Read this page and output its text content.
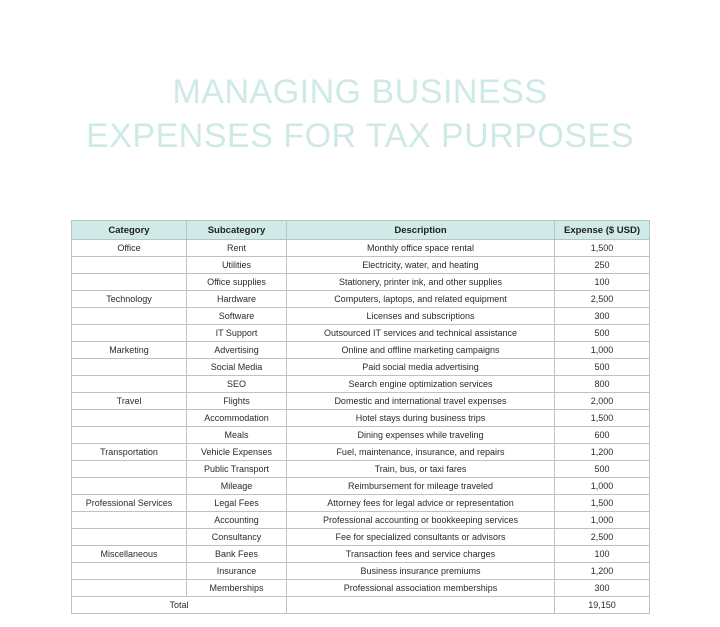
MANAGING BUSINESS
EXPENSES FOR TAX PURPOSES
Category	Subcategory	Description	Expense ($ USD)
Office	Rent	Monthly office space rental	1,500
	Utilities	Electricity, water, and heating	250
	Office supplies	Stationery, printer ink, and other supplies	100
Technology	Hardware	Computers, laptops, and related equipment	2,500
	Software	Licenses and subscriptions	300
	IT Support	Outsourced IT services and technical assistance	500
Marketing	Advertising	Online and offline marketing campaigns	1,000
	Social Media	Paid social media advertising	500
	SEO	Search engine optimization services	800
Travel	Flights	Domestic and international travel expenses	2,000
	Accommodation	Hotel stays during business trips	1,500
	Meals	Dining expenses while traveling	600
Transportation	Vehicle Expenses	Fuel, maintenance, insurance, and repairs	1,200
	Public Transport	Train, bus, or taxi fares	500
	Mileage	Reimbursement for mileage traveled	1,000
Professional Services	Legal Fees	Attorney fees for legal advice or representation	1,500
	Accounting	Professional accounting or bookkeeping services	1,000
	Consultancy	Fee for specialized consultants or advisors	2,500
Miscellaneous	Bank Fees	Transaction fees and service charges	100
	Insurance	Business insurance premiums	1,200
	Memberships	Professional association memberships	300
Total			19,150
